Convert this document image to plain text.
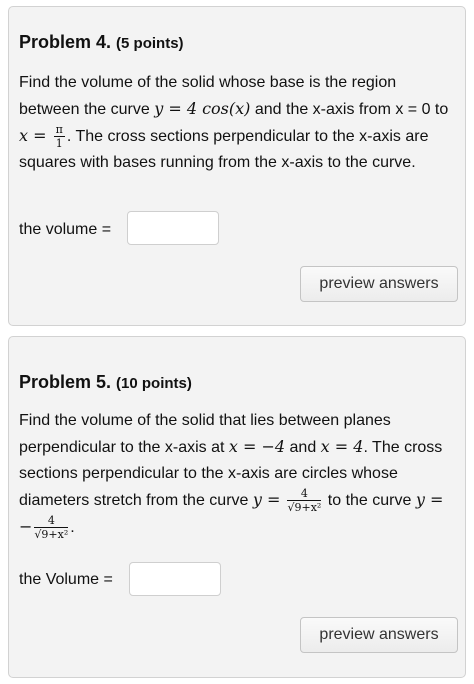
Problem 4. (5 points)
Find the volume of the solid whose base is the region between the curve y = 4 cos(x) and the x-axis from x = 0 to $x = \frac{\pi}{1}$ . The cross sections perpendicular to the x-axis are squares with bases running from the x-axis to the curve.
the volume =
preview answers
Problem 5. (10 points)
Find the volume of the solid that lies between planes perpendicular to the x-axis at x = −4 and x = 4. The cross sections perpendicular to the x-axis are circles whose diameters stretch from the curve $y = \frac{4}{\text{√9+x²}}$ to the curve y = − $\frac{4}{\text{√9+x²}}$ .
the Volume =
preview answers
